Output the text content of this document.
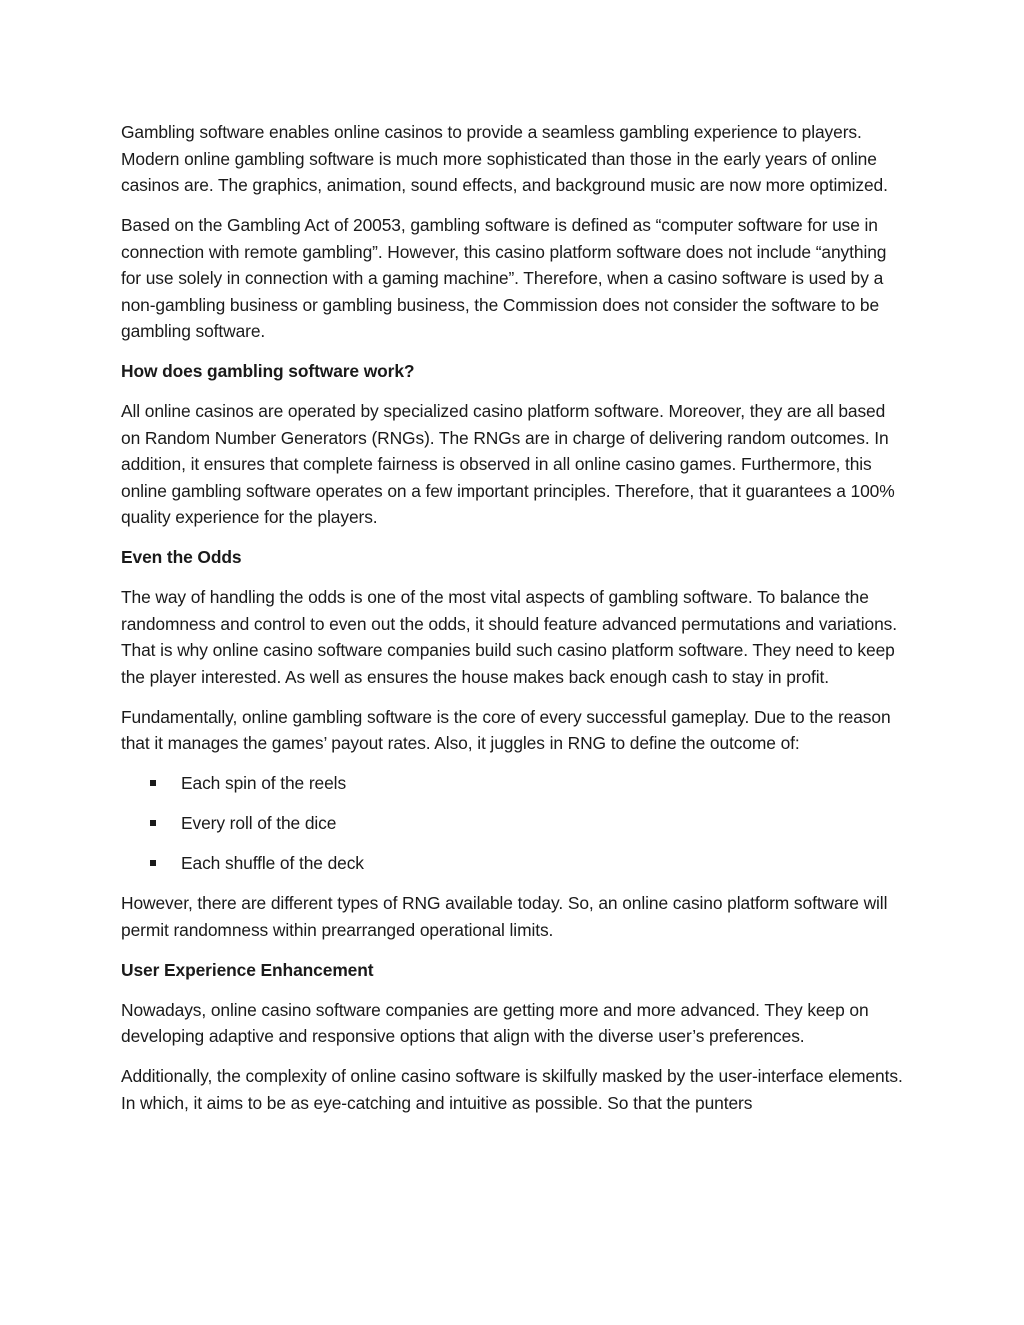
Gambling software enables online casinos to provide a seamless gambling experience to players. Modern online gambling software is much more sophisticated than those in the early years of online casinos are. The graphics, animation, sound effects, and background music are now more optimized.

Based on the Gambling Act of 20053, gambling software is defined as “computer software for use in connection with remote gambling”. However, this casino platform software does not include “anything for use solely in connection with a gaming machine”. Therefore, when a casino software is used by a non-gambling business or gambling business, the Commission does not consider the software to be gambling software.

How does gambling software work?

All online casinos are operated by specialized casino platform software. Moreover, they are all based on Random Number Generators (RNGs). The RNGs are in charge of delivering random outcomes. In addition, it ensures that complete fairness is observed in all online casino games. Furthermore, this online gambling software operates on a few important principles. Therefore, that it guarantees a 100% quality experience for the players.

Even the Odds

The way of handling the odds is one of the most vital aspects of gambling software. To balance the randomness and control to even out the odds, it should feature advanced permutations and variations. That is why online casino software companies build such casino platform software. They need to keep the player interested. As well as ensures the house makes back enough cash to stay in profit.

Fundamentally, online gambling software is the core of every successful gameplay. Due to the reason that it manages the games’ payout rates. Also, it juggles in RNG to define the outcome of:

Each spin of the reels
Every roll of the dice
Each shuffle of the deck

However, there are different types of RNG available today. So, an online casino platform software will permit randomness within prearranged operational limits.

User Experience Enhancement

Nowadays, online casino software companies are getting more and more advanced. They keep on developing adaptive and responsive options that align with the diverse user’s preferences.

Additionally, the complexity of online casino software is skilfully masked by the user-interface elements. In which, it aims to be as eye-catching and intuitive as possible. So that the punters
